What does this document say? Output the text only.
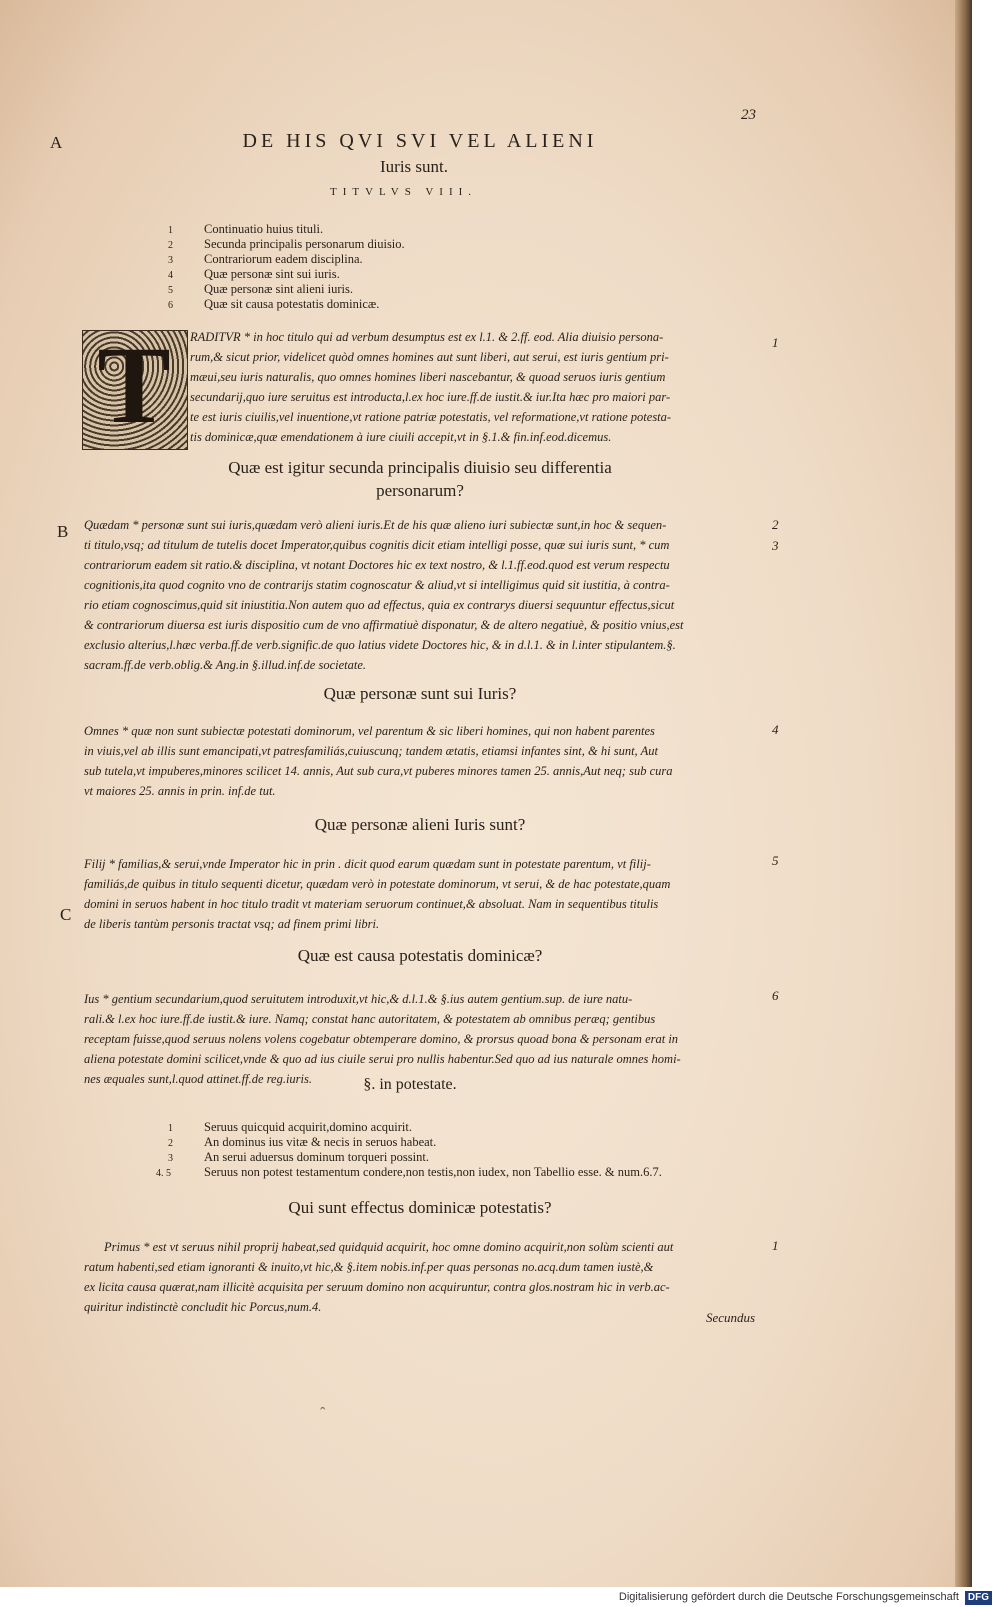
23
A
B
C
DE HIS QVI SVI VEL ALIENI
Iuris sunt.
TITVLVS VIII.
1 Continuatio huius tituli.
2 Secunda principalis personarum diuisio.
3 Contrariorum eadem disciplina.
4 Quæ personæ sint sui iuris.
5 Quæ personæ sint alieni iuris.
6 Quæ sit causa potestatis dominicæ.
T	RADITVR * in hoc titulo qui ad verbum desumptus est ex l.1. & 2.ff. eod. Alia diuisio persona-
rum,& sicut prior, videlicet quòd omnes homines aut sunt liberi, aut serui, est iuris gentium pri-
mæui,seu iuris naturalis, quo omnes homines liberi nascebantur, & quoad seruos iuris gentium
secundarij,quo iure seruitus est introducta,l.ex hoc iure.ff.de iustit.& iur.Ita hæc pro maiori par-
te est iuris ciuilis,vel inuentione,vt ratione patriæ potestatis, vel reformatione,vt ratione potesta-
tis dominicæ,quæ emendationem à iure ciuili accepit,vt in §.1.& fin.inf.eod.dicemus.
Quæ est igitur secunda principalis diuisio seu differentia
personarum?
Quædam * personæ sunt sui iuris,quædam verò alieni iuris.Et de his quæ alieno iuri subiectæ sunt,in hoc & sequen-
ti titulo,vsq; ad titulum de tutelis docet Imperator,quibus cognitis dicit etiam intelligi posse, quæ sui iuris sunt, * cum
contrariorum eadem sit ratio.& disciplina, vt notant Doctores hic ex text nostro, & l.1.ff.eod.quod est verum respectu
cognitionis,ita quod cognito vno de contrarijs statim cognoscatur & aliud,vt si intelligimus quid sit iustitia, à contra-
rio etiam cognoscimus,quid sit iniustitia.Non autem quo ad effectus, quia ex contrarys diuersi sequuntur effectus,sicut
& contrariorum diuersa est iuris dispositio cum de vno affirmatiuè disponatur, & de altero negatiuè, & positio vnius,est
exclusio alterius,l.hæc verba.ff.de verb.signific.de quo latius videte Doctores hic, & in d.l.1. & in l.inter stipulantem.§.
sacram.ff.de verb.oblig.& Ang.in §.illud.inf.de societate.
Quæ personæ sunt sui Iuris?
Omnes * quæ non sunt subiectæ potestati dominorum, vel parentum & sic liberi homines, qui non habent parentes
in viuis,vel ab illis sunt emancipati,vt patresfamiliás,cuiuscunq; tandem ætatis, etiamsi infantes sint, & hi sunt, Aut
sub tutela,vt impuberes,minores scilicet 14. annis, Aut sub cura,vt puberes minores tamen 25. annis,Aut neq; sub cura
vt maiores 25. annis in prin. inf.de tut.
Quæ personæ alieni Iuris sunt?
Filij * familias,& serui,vnde Imperator hic in prin . dicit quod earum quædam sunt in potestate parentum, vt filij-
familiás,de quibus in titulo sequenti dicetur, quædam verò in potestate dominorum, vt serui, & de hac potestate,quam
domini in seruos habent in hoc titulo tradit vt materiam seruorum continuet,& absoluat. Nam in sequentibus titulis
de liberis tantùm personis tractat vsq; ad finem primi libri.
Quæ est causa potestatis dominicæ?
Ius * gentium secundarium,quod seruitutem introduxit,vt hic,& d.l.1.& §.ius autem gentium.sup. de iure natu-
rali.& l.ex hoc iure.ff.de iustit.& iure. Namq; constat hanc autoritatem, & potestatem ab omnibus peræq; gentibus
receptam fuisse,quod seruus nolens volens cogebatur obtemperare domino, & prorsus quoad bona & personam erat in
aliena potestate domini scilicet,vnde & quo ad ius ciuile serui pro nullis habentur.Sed quo ad ius naturale omnes homi-
nes æquales sunt,l.quod attinet.ff.de reg.iuris.	§. in potestate.
1 Seruus quicquid acquirit,domino acquirit.
2 An dominus ius vitæ & necis in seruos habeat.
3 An serui aduersus dominum torqueri possint.
4. 5	Seruus non potest testamentum condere,non testis,non iudex, non Tabellio esse. & num.6.7.
Qui sunt effectus dominicæ potestatis?
Primus * est vt seruus nihil proprij habeat,sed quidquid acquirit, hoc omne domino acquirit,non solùm scienti aut
ratum habenti,sed etiam ignoranti & inuito,vt hic,& §.item nobis.inf.per quas personas no.acq.dum tamen iustè,&
ex licita causa quærat,nam illicitè acquisita per seruum domino non acquiruntur, contra glos.nostram hic in verb.ac-
quiritur indistinctè concludit hic Porcus,num.4.
Secundus
1
2
3
4
5
6
1
ˆ
Digitalisierung gefördert durch die Deutsche Forschungsgemeinschaft DFG
